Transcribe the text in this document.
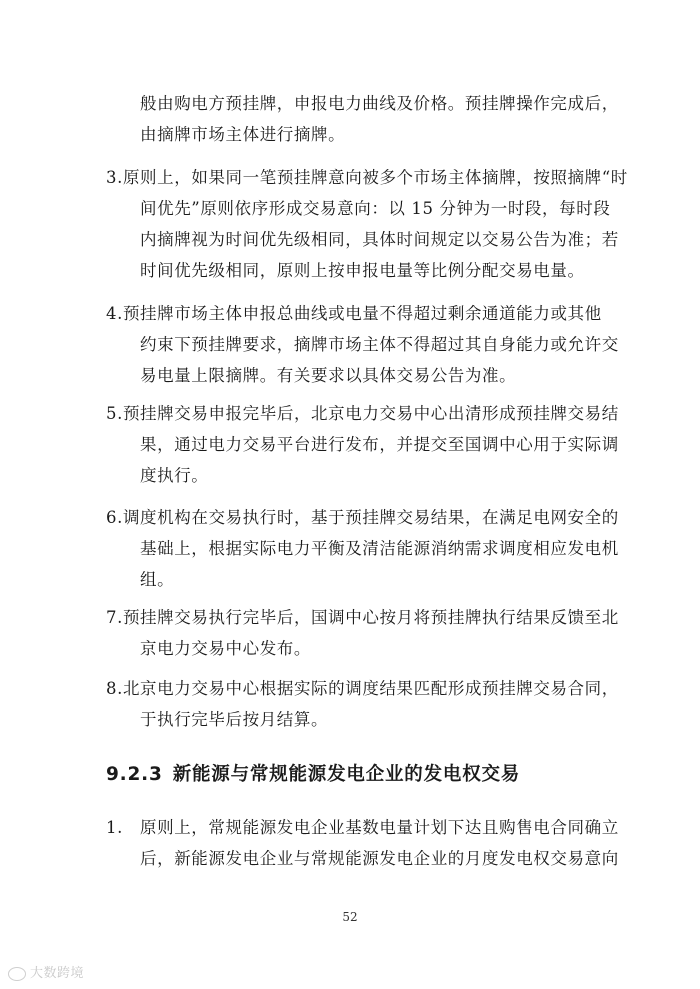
般由购电方预挂牌，申报电力曲线及价格。预挂牌操作完成后，
由摘牌市场主体进行摘牌。
3.原则上，如果同一笔预挂牌意向被多个市场主体摘牌，按照摘牌“时
间优先”原则依序形成交易意向：以 15 分钟为一时段，每时段
内摘牌视为时间优先级相同，具体时间规定以交易公告为准；若
时间优先级相同，原则上按申报电量等比例分配交易电量。
4.预挂牌市场主体申报总曲线或电量不得超过剩余通道能力或其他
约束下预挂牌要求，摘牌市场主体不得超过其自身能力或允许交
易电量上限摘牌。有关要求以具体交易公告为准。
5.预挂牌交易申报完毕后，北京电力交易中心出清形成预挂牌交易结
果，通过电力交易平台进行发布，并提交至国调中心用于实际调
度执行。
6.调度机构在交易执行时，基于预挂牌交易结果，在满足电网安全的
基础上，根据实际电力平衡及清洁能源消纳需求调度相应发电机
组。
7.预挂牌交易执行完毕后，国调中心按月将预挂牌执行结果反馈至北
京电力交易中心发布。
8.北京电力交易中心根据实际的调度结果匹配形成预挂牌交易合同，
于执行完毕后按月结算。
9.2.3 新能源与常规能源发电企业的发电权交易
1. 原则上，常规能源发电企业基数电量计划下达且购售电合同确立
后，新能源发电企业与常规能源发电企业的月度发电权交易意向
52
大数跨境
